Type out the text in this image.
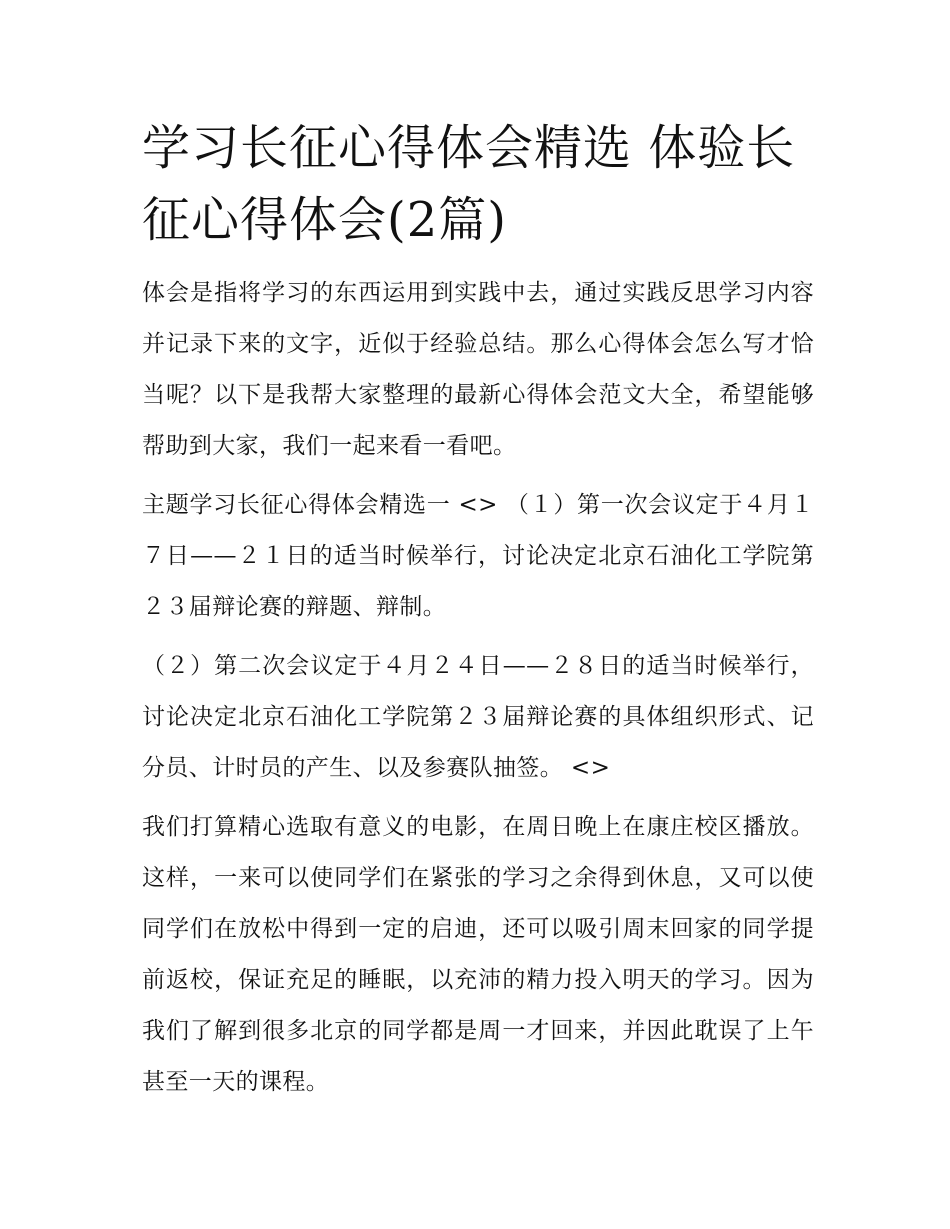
学习长征心得体会精选 体验长征心得体会(2篇)

体会是指将学习的东西运用到实践中去，通过实践反思学习内容并记录下来的文字，近似于经验总结。那么心得体会怎么写才恰当呢？以下是我帮大家整理的最新心得体会范文大全，希望能够帮助到大家，我们一起来看一看吧。

主题学习长征心得体会精选一 <> （１）第一次会议定于４月１７日——２１日的适当时候举行，讨论决定北京石油化工学院第２３届辩论赛的辩题、辩制。

（２）第二次会议定于４月２４日——２８日的适当时候举行，讨论决定北京石油化工学院第２３届辩论赛的具体组织形式、记分员、计时员的产生、以及参赛队抽签。 <>

我们打算精心选取有意义的电影，在周日晚上在康庄校区播放。这样，一来可以使同学们在紧张的学习之余得到休息，又可以使同学们在放松中得到一定的启迪，还可以吸引周末回家的同学提前返校，保证充足的睡眠，以充沛的精力投入明天的学习。因为我们了解到很多北京的同学都是周一才回来，并因此耽误了上午甚至一天的课程。
